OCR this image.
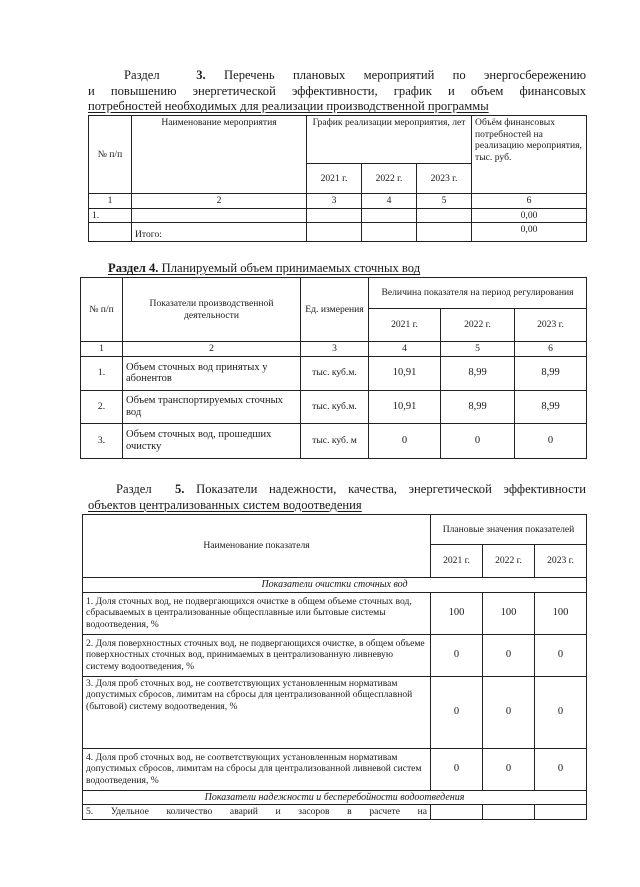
Раздел	3. Перечень плановых мероприятий по энергосбережению

и повышению энергетической эффективности, график и объем финансовых

потребностей необходимых для реализации производственной программы

№ п/п	Наименование мероприятия	График реализации мероприятия, лет			Объём финансовых потребностей на реализацию мероприятия, тыс. руб.
		2021 г.	2022 г.	2023 г.	
1	2	3	4	5	6
1.					0,00
	Итого:				0,00

Раздел 4. Планируемый объем принимаемых сточных вод

№ п/п	Показатели производственной деятельности	Ед. измерения	Величина показателя на период регулирования		
			2021 г.	2022 г.	2023 г.
1	2	3	4	5	6
1.	Объем сточных вод принятых у абонентов	тыс. куб.м.	10,91	8,99	8,99
2.	Объем транспортируемых сточных вод	тыс. куб.м.	10,91	8,99	8,99
3.	Объем сточных вод, прошедших очистку	тыс. куб. м	0	0	0

Раздел 5. Показатели надежности, качества, энергетической эффективности

объектов централизованных систем водоотведения

Наименование показателя	Плановые значения показателей		
	2021 г.	2022 г.	2023 г.
Показатели очистки сточных вод			
1. Доля сточных вод, не подвергающихся очистке в общем объеме сточных вод, сбрасываемых в централизованные общесплавные или бытовые системы водоотведения, %	100	100	100
2. Доля поверхностных сточных вод, не подвергающихся очистке, в общем объеме поверхностных сточных вод, принимаемых в централизованную ливневую систему водоотведения, %	0	0	0
3. Доля проб сточных вод, не соответствующих установленным нормативам допустимых сбросов, лимитам на сбросы для централизованной общесплавной (бытовой) систему водоотведения, %	0	0	0
4. Доля проб сточных вод, не соответствующих установленным нормативам допустимых сбросов, лимитам на сбросы для централизованной ливневой систем водоотведения, %	0	0	0
Показатели надежности и бесперебойности водоотведения			
5. Удельное количество аварий и засоров в расчете на			
